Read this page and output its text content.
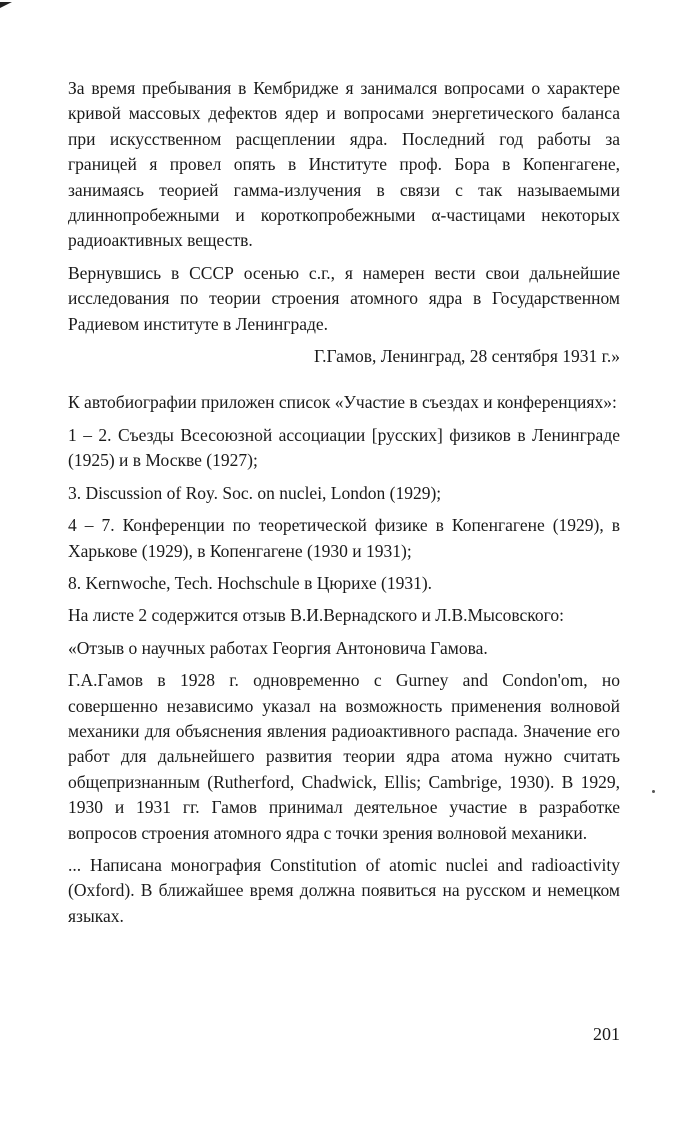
За время пребывания в Кембридже я занимался вопросами о характере кривой массовых дефектов ядер и вопросами энергетического баланса при искусственном расщеплении ядра. Последний год работы за границей я провел опять в Институте проф. Бора в Копенгагене, занимаясь теорией гамма-излучения в связи с так называемыми длиннопробежными и короткопробежными α-частицами некоторых радиоактивных веществ.

Вернувшись в СССР осенью с.г., я намерен вести свои дальнейшие исследования по теории строения атомного ядра в Государственном Радиевом институте в Ленинграде.

Г.Гамов, Ленинград, 28 сентября 1931 г.»

К автобиографии приложен список «Участие в съездах и конференциях»:

1 – 2. Съезды Всесоюзной ассоциации [русских] физиков в Ленинграде (1925) и в Москве (1927);

3. Discussion of Roy. Soc. on nuclei, London (1929);

4 – 7. Конференции по теоретической физике в Копенгагене (1929), в Харькове (1929), в Копенгагене (1930 и 1931);

8. Kernwoche, Tech. Hochschule в Цюрихе (1931).

На листе 2 содержится отзыв В.И.Вернадского и Л.В.Мысовского:

«Отзыв о научных работах Георгия Антоновича Гамова.

Г.А.Гамов в 1928 г. одновременно с Gurney and Condon'om, но совершенно независимо указал на возможность применения волновой механики для объяснения явления радиоактивного распада. Значение его работ для дальнейшего развития теории ядра атома нужно считать общепризнанным (Rutherford, Chadwick, Ellis; Cambrige, 1930). В 1929, 1930 и 1931 гг. Гамов принимал деятельное участие в разработке вопросов строения атомного ядра с точки зрения волновой механики.

... Написана монография Constitution of atomic nuclei and radioactivity (Oxford). В ближайшее время должна появиться на русском и немецком языках.

201
